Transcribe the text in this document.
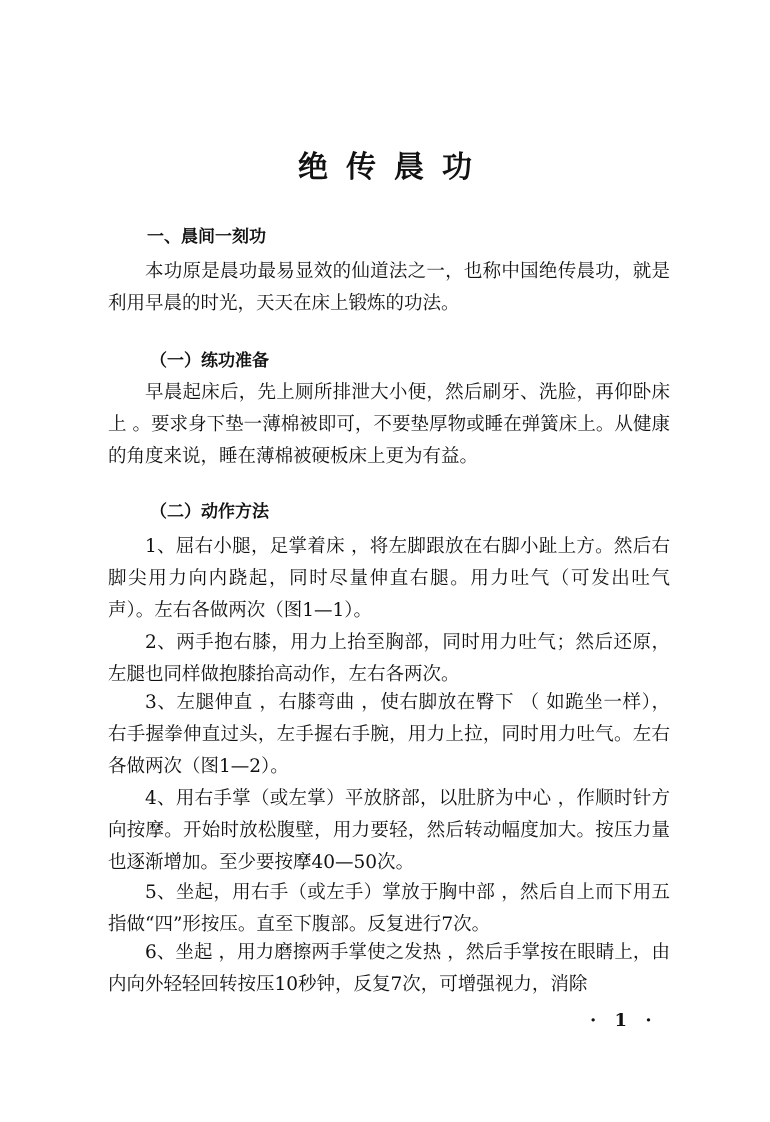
绝传晨功
一、晨间一刻功

本功原是晨功最易显效的仙道法之一，也称中国绝传晨功，就是利用早晨的时光，天天在床上锻炼的功法。

（一）练功准备

早晨起床后，先上厕所排泄大小便，然后刷牙、洗脸，再仰卧床上 。要求身下垫一薄棉被即可，不要垫厚物或睡在弹簧床上。从健康的角度来说，睡在薄棉被硬板床上更为有益。

（二）动作方法

1、屈右小腿，足掌着床 ，将左脚跟放在右脚小趾上方。然后右脚尖用力向内跷起，同时尽量伸直右腿。用力吐气（可发出吐气声）。左右各做两次（图1—1）。

2、两手抱右膝，用力上抬至胸部，同时用力吐气；然后还原，左腿也同样做抱膝抬高动作，左右各两次。

3、左腿伸直 ，右膝弯曲 ，使右脚放在臀下 （ 如跪坐一样），右手握拳伸直过头，左手握右手腕，用力上拉，同时用力吐气。左右各做两次（图1—2）。

4、用右手掌（或左掌）平放脐部，以肚脐为中心 ，作顺时针方向按摩。开始时放松腹壁，用力要轻，然后转动幅度加大。按压力量也逐渐增加。至少要按摩40—50次。

5、坐起，用右手（或左手）掌放于胸中部 ，然后自上而下用五指做“四”形按压。直至下腹部。反复进行7次。

6、坐起 ，用力磨擦两手掌使之发热 ，然后手掌按在眼睛上，由内向外轻轻回转按压10秒钟，反复7次，可增强视力，消除

· 1 ·
